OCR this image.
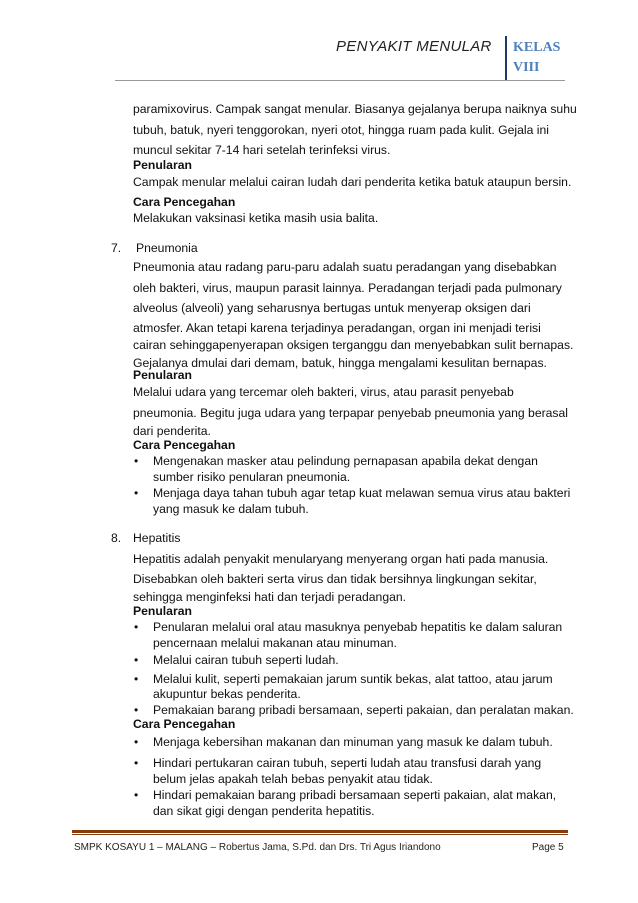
PENYAKIT MENULAR KELAS
VIII
paramixovirus. Campak sangat menular. Biasanya gejalanya berupa naiknya suhu
tubuh, batuk, nyeri tenggorokan, nyeri otot, hingga ruam pada kulit. Gejala ini
muncul sekitar 7-14 hari setelah terinfeksi virus.
Penularan
Campak menular melalui cairan ludah dari penderita ketika batuk ataupun bersin.
Cara Pencegahan
Melakukan vaksinasi ketika masih usia balita.
7. Pneumonia
Pneumonia atau radang paru-paru adalah suatu peradangan yang disebabkan
oleh bakteri, virus, maupun parasit lainnya. Peradangan terjadi pada pulmonary
alveolus (alveoli) yang seharusnya bertugas untuk menyerap oksigen dari
atmosfer. Akan tetapi karena terjadinya peradangan, organ ini menjadi terisi
cairan sehinggapenyerapan oksigen terganggu dan menyebabkan sulit bernapas.
Gejalanya dmulai dari demam, batuk, hingga mengalami kesulitan bernapas.
Penularan
Melalui udara yang tercemar oleh bakteri, virus, atau parasit penyebab
pneumonia. Begitu juga udara yang terpapar penyebab pneumonia yang berasal
dari penderita.
Cara Pencegahan
• Mengenakan masker atau pelindung pernapasan apabila dekat dengan
sumber risiko penularan pneumonia.
• Menjaga daya tahan tubuh agar tetap kuat melawan semua virus atau bakteri
yang masuk ke dalam tubuh.
8. Hepatitis
Hepatitis adalah penyakit menularyang menyerang organ hati pada manusia.
Disebabkan oleh bakteri serta virus dan tidak bersihnya lingkungan sekitar,
sehingga menginfeksi hati dan terjadi peradangan.
Penularan
• Penularan melalui oral atau masuknya penyebab hepatitis ke dalam saluran
pencernaan melalui makanan atau minuman.
• Melalui cairan tubuh seperti ludah.
• Melalui kulit, seperti pemakaian jarum suntik bekas, alat tattoo, atau jarum
akupuntur bekas penderita.
• Pemakaian barang pribadi bersamaan, seperti pakaian, dan peralatan makan.
Cara Pencegahan
• Menjaga kebersihan makanan dan minuman yang masuk ke dalam tubuh.
• Hindari pertukaran cairan tubuh, seperti ludah atau transfusi darah yang
belum jelas apakah telah bebas penyakit atau tidak.
• Hindari pemakaian barang pribadi bersamaan seperti pakaian, alat makan,
dan sikat gigi dengan penderita hepatitis.
SMPK KOSAYU 1 – MALANG – Robertus Jama, S.Pd. dan Drs. Tri Agus Iriandono	Page 5
